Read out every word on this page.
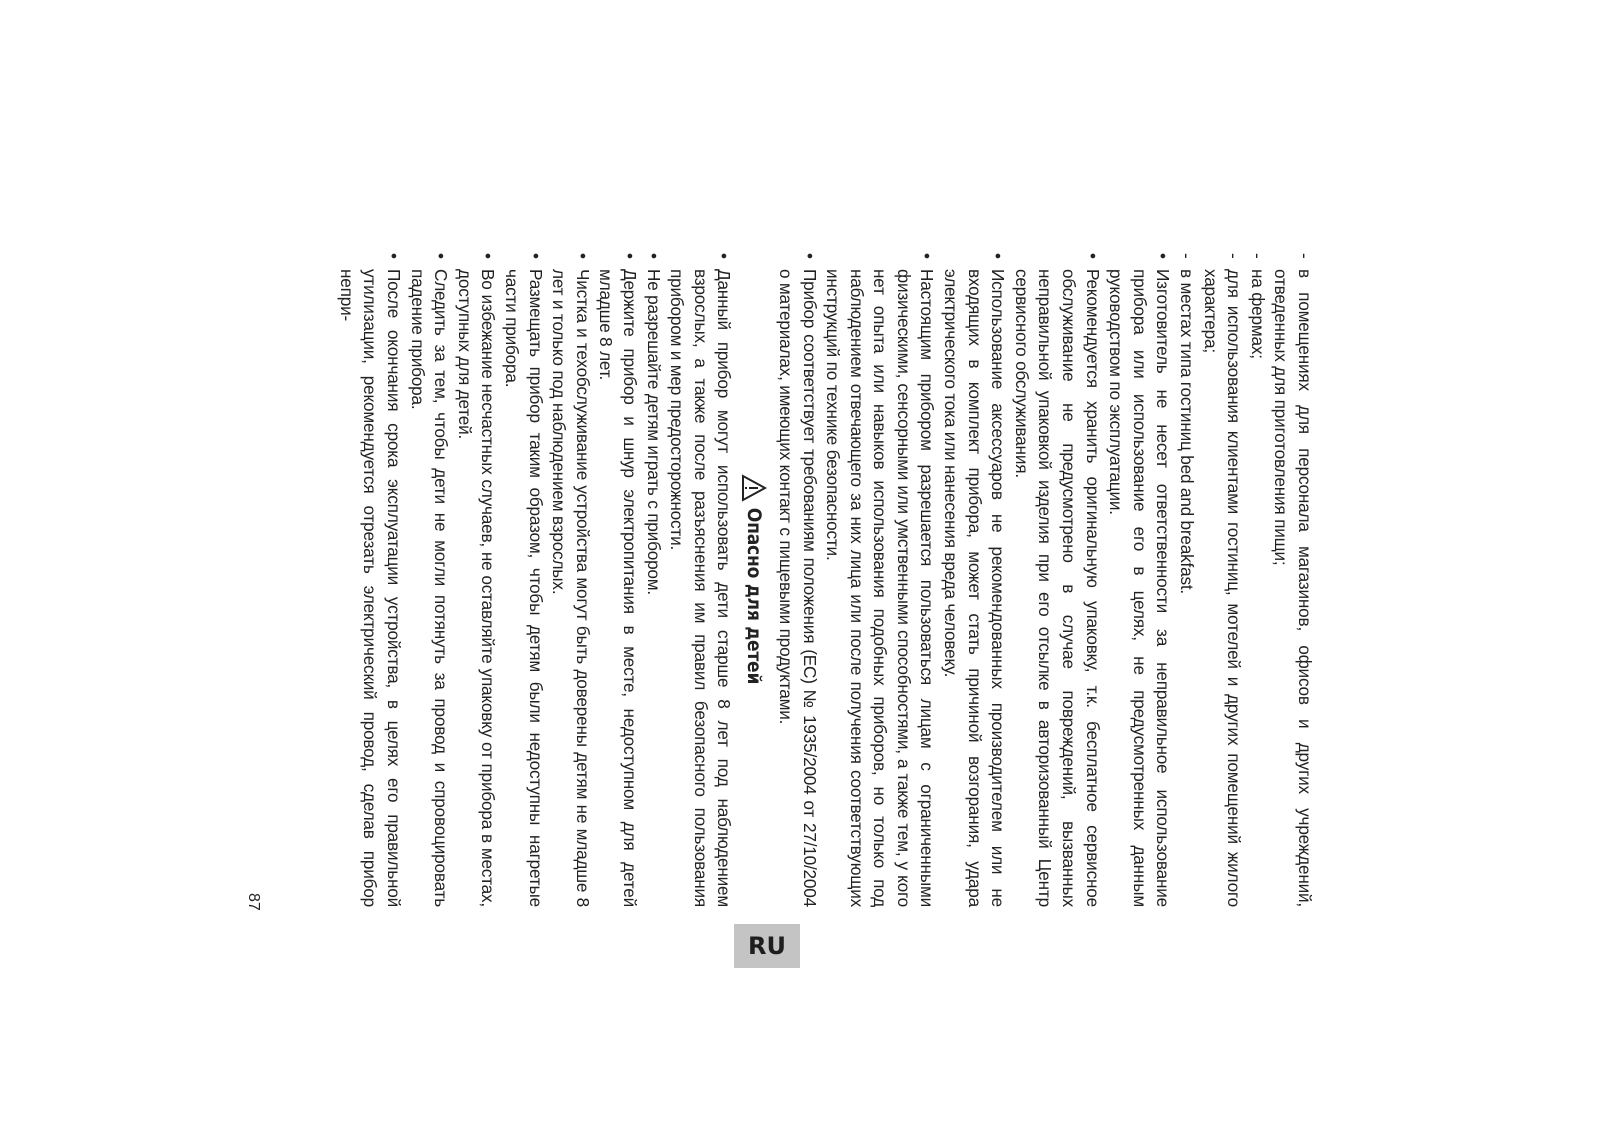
-
в помещениях для персонала магазинов, офисов и других учреждений, отведенных для приготовления пищи;

-
на фермах;

-
для использования клиентами гостиниц, мотелей и других помещений жилого характера;

-
в местах типа гостиниц bed and breakfast.

•
Изготовитель не несет ответственности за неправильное использование прибора или использование его в целях, не предусмотренных данным руководством по эксплуатации.

•
Рекомендуется хранить оригинальную упаковку, т.к. бесплатное сервисное обслуживание не предусмотрено в случае повреждений, вызванных неправильной упаковкой изделия при его отсылке в авторизованный Центр сервисного обслуживания.

•
Использование аксессуаров не рекомендованных производителем или не входящих в комплект прибора, может стать причиной возгорания, удара электрического тока или нанесения вреда человеку.

•
Настоящим прибором разрешается пользоваться лицам с ограниченными физическими, сенсорными или умственными способностями, а также тем, у кого нет опыта или навыков использования подобных приборов, но только под наблюдением отвечающего за них лица или после получения соответствующих инструкций по технике безопасности.

•
Прибор соответствует требованиям положения (EC) № 1935/2004 от 27/10/2004 о материалах, имеющих контакт с пищевыми продуктами.

Опасно для детей

•
Данный прибор могут использовать дети старше 8 лет под наблюдением взрослых, а также после разъяснения им правил безопасного пользования прибором и мер предосторожности.

•
Не разрешайте детям играть с прибором.

•
Держите прибор и шнур электропитания в месте, недоступном для детей младше 8 лет.

•
Чистка и техобслуживание устройства могут быть доверены детям не младше 8 лет и только под наблюдением взрослых.

•
Размещать прибор таким образом, чтобы детям были недоступны нагретые части прибора.

•
Во избежание несчастных случаев, не оставляйте упаковку от прибора в местах, доступных для детей.

•
Следить за тем, чтобы дети не могли потянуть за провод и спровоцировать падение прибора.

•
После окончания срока эксплуатации устройства, в целях его правильной утилизации, рекомендуется отрезать электрический провод, сделав прибор непри-

RU
87
